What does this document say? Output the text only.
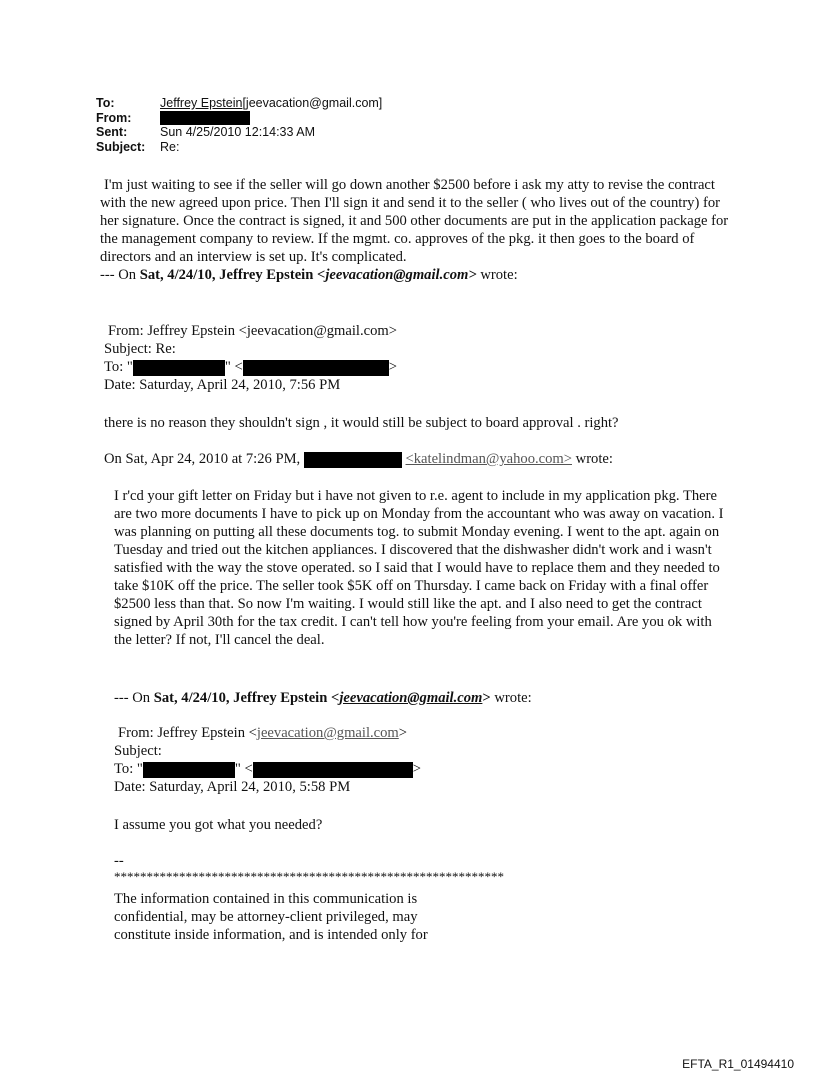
To:	Jeffrey Epstein[jeevacation@gmail.com]
From:
Sent:	Sun 4/25/2010 12:14:33 AM
Subject:	Re:

I'm just waiting to see if the seller will go down another $2500 before i ask my atty to revise the contract with the new agreed upon price. Then I'll sign it and send it to the seller ( who lives out of the country) for her signature. Once the contract is signed, it and 500 other documents are put in the application package for the management company to review. If the mgmt. co. approves of the pkg. it then goes to the board of directors and an interview is set up. It's complicated.

--- On Sat, 4/24/10, Jeffrey Epstein <jeevacation@gmail.com> wrote:

From: Jeffrey Epstein <jeevacation@gmail.com>

Subject: Re:

To: "	" <	>

Date: Saturday, April 24, 2010, 7:56 PM

there is no reason they shouldn't sign , it would still be subject to board approval . right?
On Sat, Apr 24, 2010 at 7:26 PM,	<katelindman@yahoo.com> wrote:

I r'cd your gift letter on Friday but i have not given to r.e. agent to include in my application pkg. There are two more documents I have to pick up on Monday from the accountant who was away on vacation. I was planning on putting all these documents tog. to submit Monday evening. I went to the apt. again on Tuesday and tried out the kitchen appliances. I discovered that the dishwasher didn't work and i wasn't satisfied with the way the stove operated. so I said that I would have to replace them and they needed to take $10K off the price. The seller took $5K off on Thursday. I came back on Friday with a final offer $2500 less than that. So now I'm waiting. I would still like the apt. and I also need to get the contract signed by April 30th for the tax credit. I can't tell how you're feeling from your email. Are you ok with the letter? If not, I'll cancel the deal.

--- On Sat, 4/24/10, Jeffrey Epstein <jeevacation@gmail.com> wrote:

From: Jeffrey Epstein <jeevacation@gmail.com>

Subject:

To: "	" <	>

Date: Saturday, April 24, 2010, 5:58 PM

I assume you got what you needed?

--

************************************************************

The information contained in this communication is

confidential, may be attorney-client privileged, may

constitute inside information, and is intended only for

EFTA_R1_01494410
